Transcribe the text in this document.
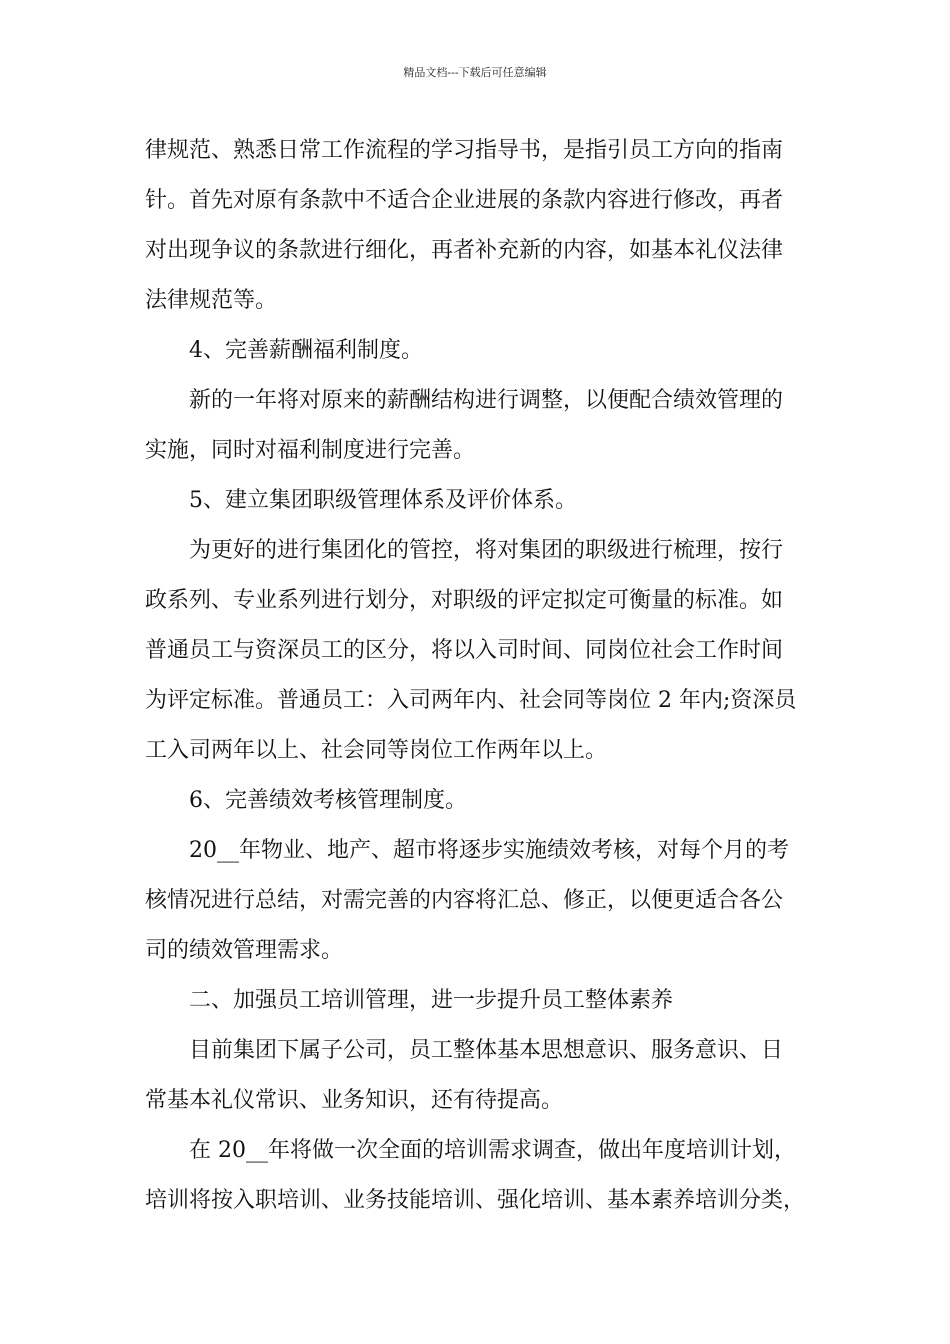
精品文档---下载后可任意编辑
律规范、熟悉日常工作流程的学习指导书，是指引员工方向的指南
针。首先对原有条款中不适合企业进展的条款内容进行修改，再者
对出现争议的条款进行细化，再者补充新的内容，如基本礼仪法律
法律规范等。
4、完善薪酬福利制度。
新的一年将对原来的薪酬结构进行调整，以便配合绩效管理的
实施，同时对福利制度进行完善。
5、建立集团职级管理体系及评价体系。
为更好的进行集团化的管控，将对集团的职级进行梳理，按行
政系列、专业系列进行划分，对职级的评定拟定可衡量的标准。如
普通员工与资深员工的区分，将以入司时间、同岗位社会工作时间
为评定标准。普通员工：入司两年内、社会同等岗位 2 年内;资深员
工入司两年以上、社会同等岗位工作两年以上。
6、完善绩效考核管理制度。
20__年物业、地产、超市将逐步实施绩效考核，对每个月的考
核情况进行总结，对需完善的内容将汇总、修正，以便更适合各公
司的绩效管理需求。
二、加强员工培训管理，进一步提升员工整体素养
目前集团下属子公司，员工整体基本思想意识、服务意识、日
常基本礼仪常识、业务知识，还有待提高。
在 20__年将做一次全面的培训需求调查，做出年度培训计划，
培训将按入职培训、业务技能培训、强化培训、基本素养培训分类，
